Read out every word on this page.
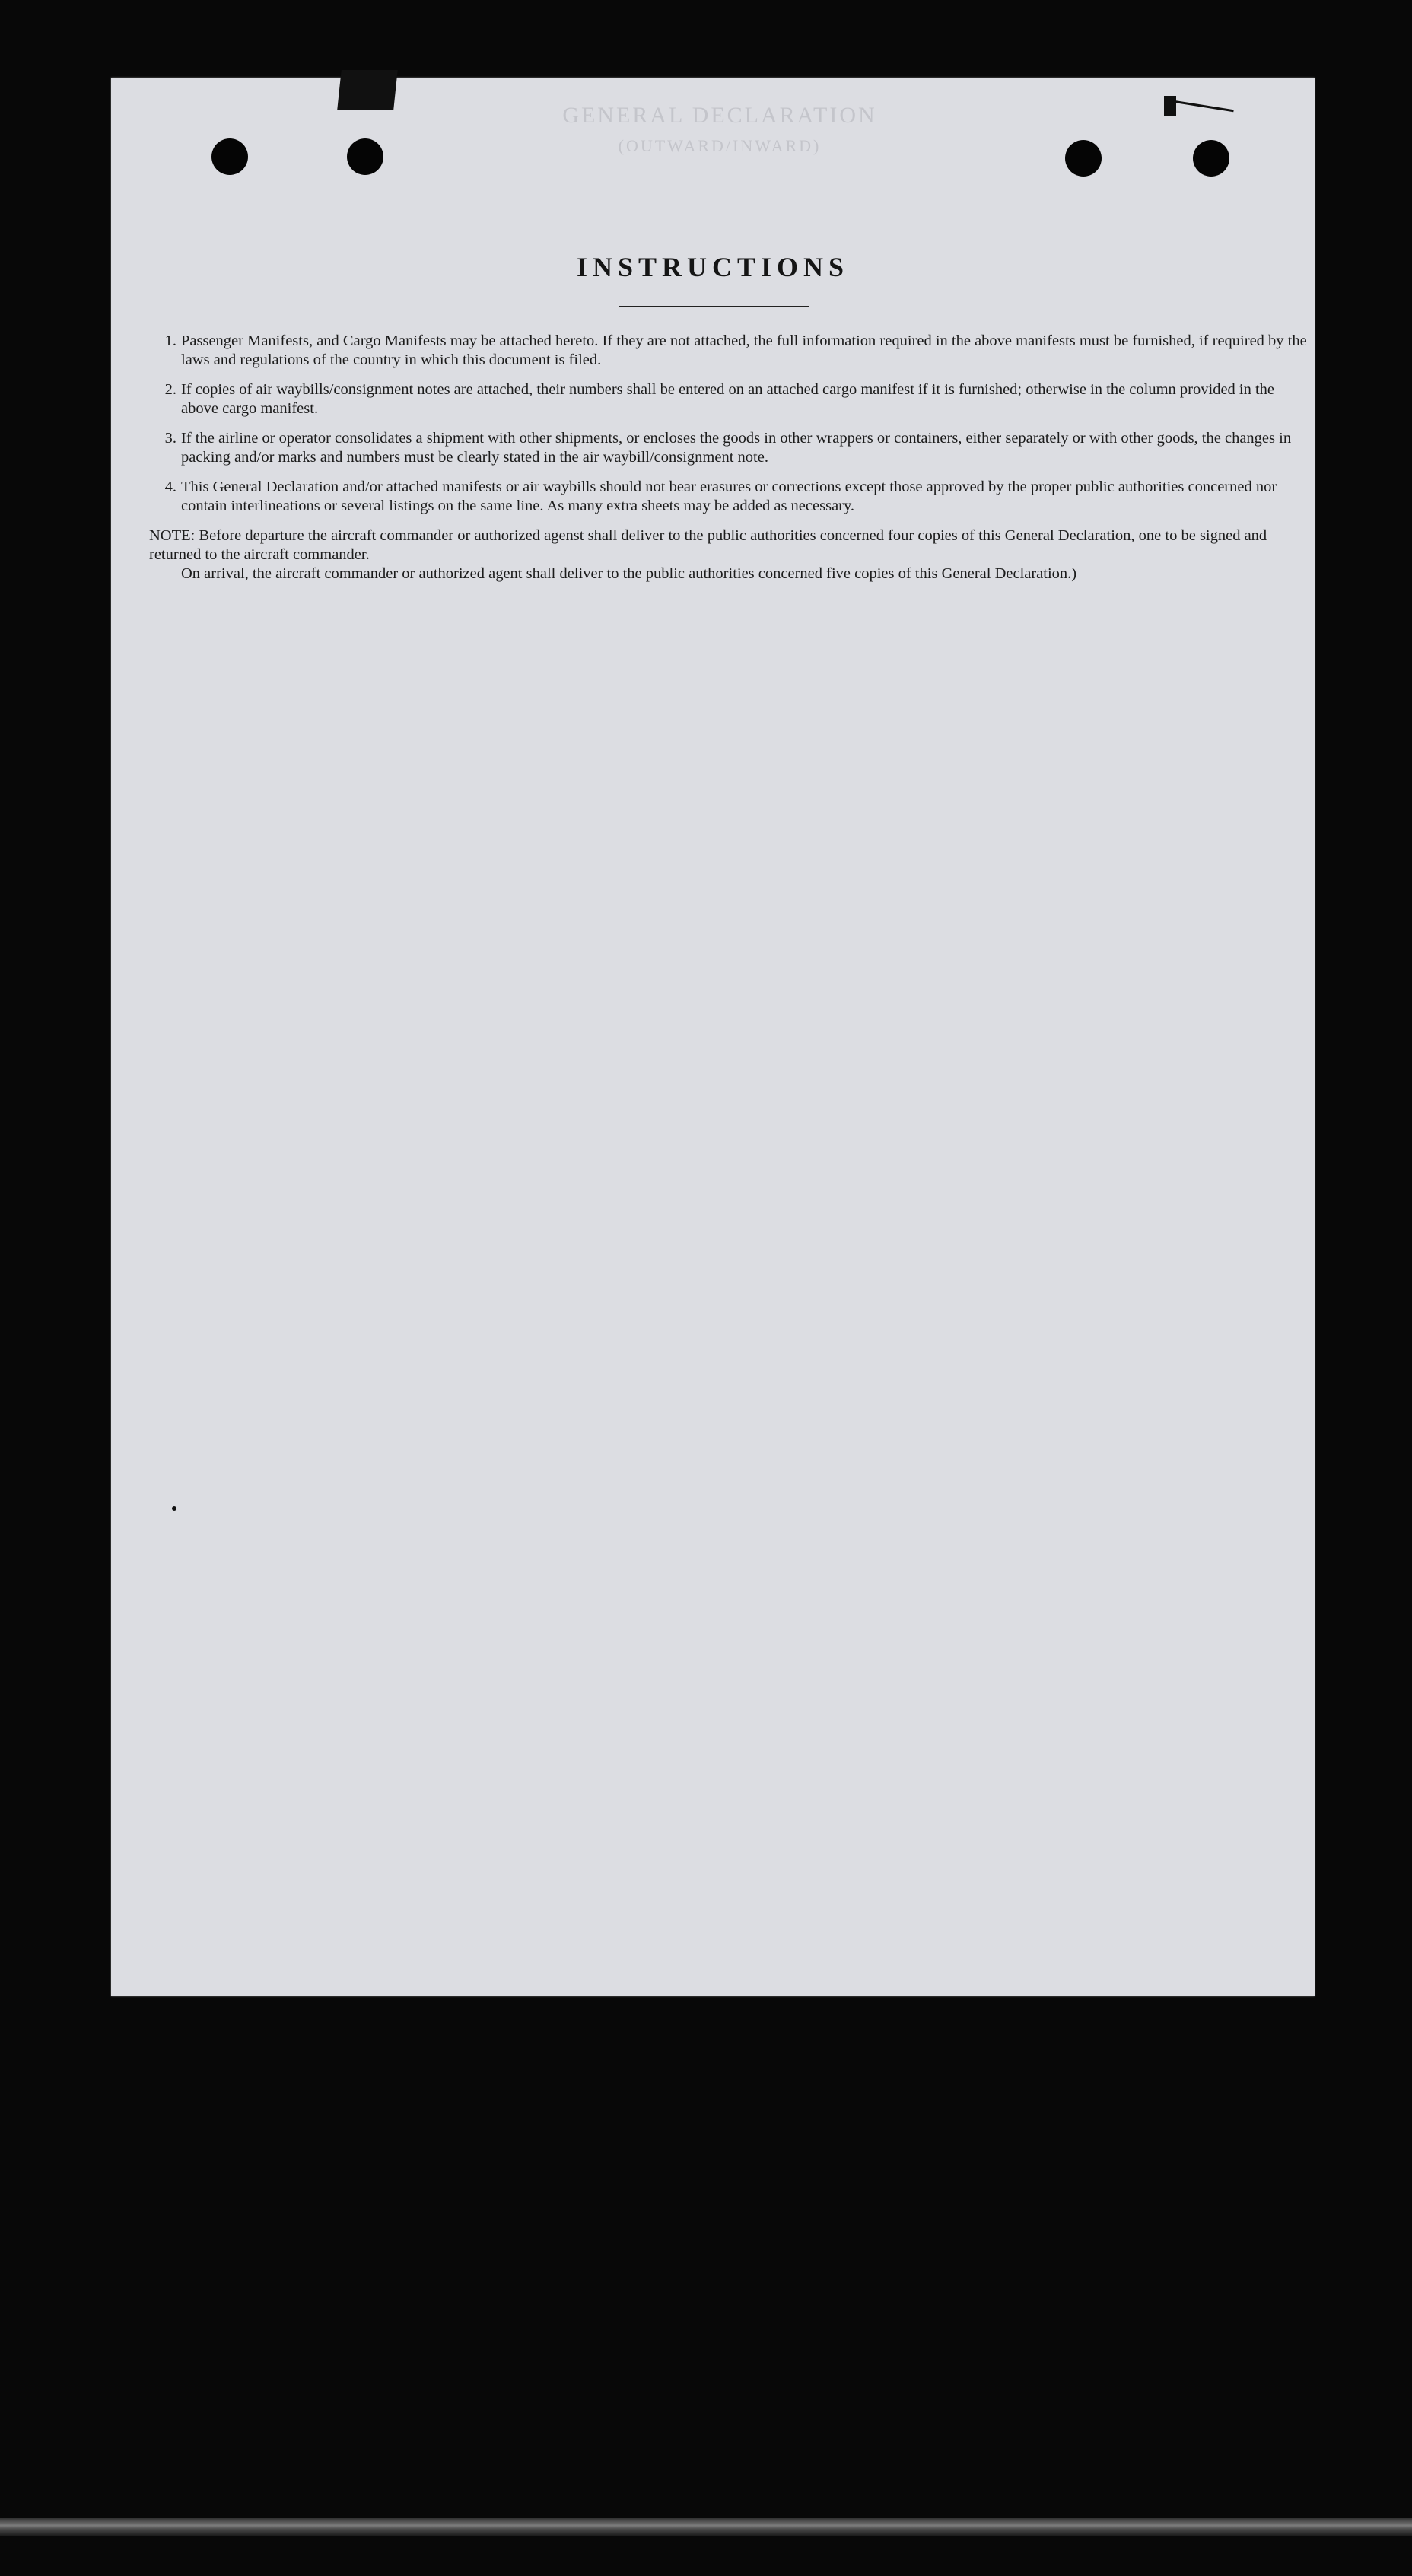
GENERAL DECLARATION
(OUTWARD/INWARD)
INSTRUCTIONS
1. Passenger Manifests, and Cargo Manifests may be attached hereto. If they are not attached, the full information required in the above manifests must be furnished, if required by the laws and regulations of the country in which this document is filed.
2. If copies of air waybills/consignment notes are attached, their numbers shall be entered on an attached cargo manifest if it is furnished; otherwise in the column provided in the above cargo manifest.
3. If the airline or operator consolidates a shipment with other shipments, or encloses the goods in other wrappers or containers, either separately or with other goods, the changes in packing and/or marks and numbers must be clearly stated in the air waybill/consignment note.
4. This General Declaration and/or attached manifests or air waybills should not bear erasures or corrections except those approved by the proper public authorities concerned nor contain interlineations or several listings on the same line. As many extra sheets may be added as necessary.
NOTE: Before departure the aircraft commander or authorized agenst shall deliver to the public authorities concerned four copies of this General Declaration, one to be signed and returned to the aircraft commander.
On arrival, the aircraft commander or authorized agent shall deliver to the public authorities concerned five copies of this General Declaration.)
